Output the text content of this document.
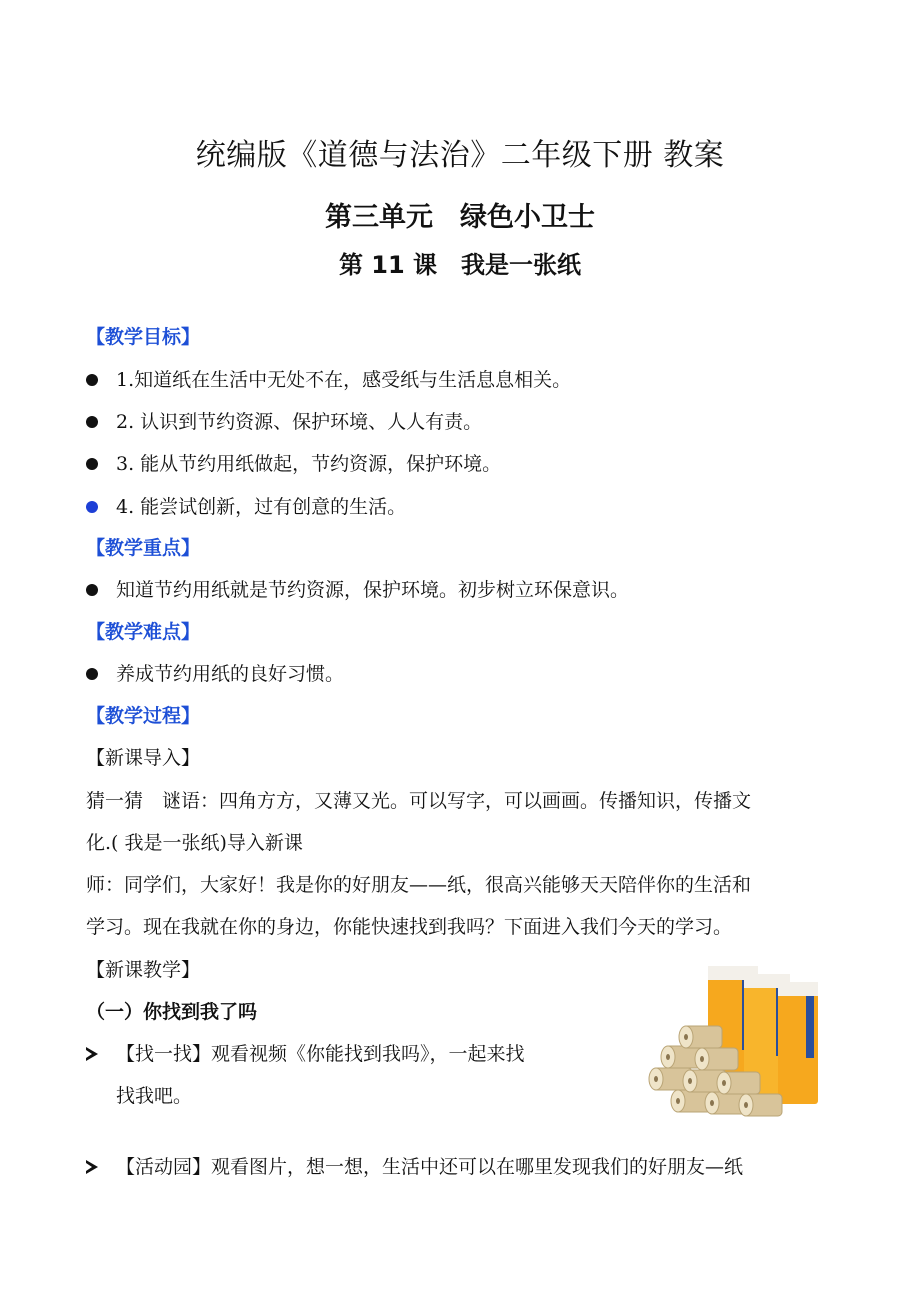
统编版《道德与法治》二年级下册 教案
第三单元　绿色小卫士
第 11 课　我是一张纸
【教学目标】
1.知道纸在生活中无处不在，感受纸与生活息息相关。
2. 认识到节约资源、保护环境、人人有责。
3. 能从节约用纸做起，节约资源，保护环境。
4. 能尝试创新，过有创意的生活。
【教学重点】
知道节约用纸就是节约资源，保护环境。初步树立环保意识。
【教学难点】
养成节约用纸的良好习惯。
【教学过程】
【新课导入】
猜一猜　谜语：四角方方，又薄又光。可以写字，可以画画。传播知识，传播文
化.( 我是一张纸)导入新课
师：同学们，大家好！我是你的好朋友——纸，很高兴能够天天陪伴你的生活和
学习。现在我就在你的身边，你能快速找到我吗？下面进入我们今天的学习。
【新课教学】
（一）你找到我了吗
【找一找】观看视频《你能找到我吗》，一起来找
找我吧。
【活动园】观看图片，想一想，生活中还可以在哪里发现我们的好朋友—纸
